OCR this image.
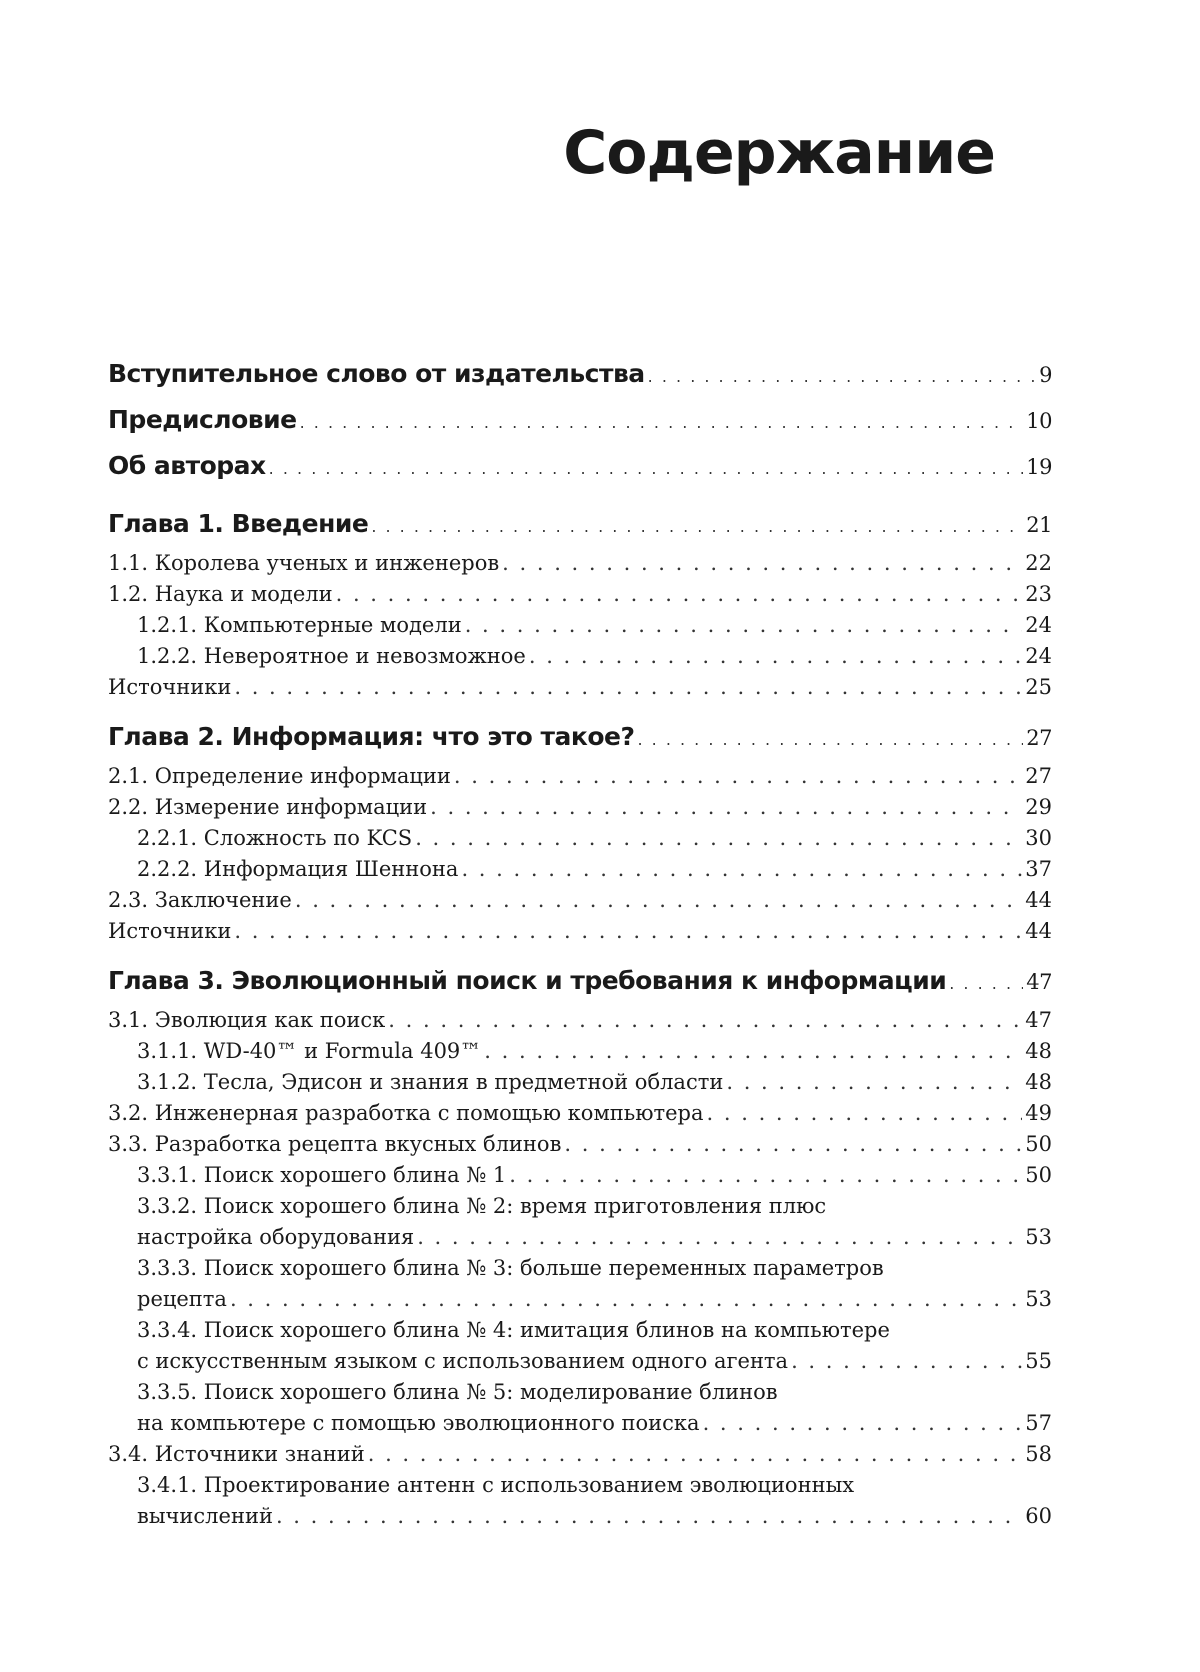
Содержание
Вступительное слово от издательства . . .	9
Предисловие . . .	10
Об авторах . . .	19
Глава 1. Введение . . .	21
1.1. Королева ученых и инженеров . . .	22
1.2. Наука и модели . . .	23
1.2.1. Компьютерные модели . . .	24
1.2.2. Невероятное и невозможное . . .	24
Источники . . .	25
Глава 2. Информация: что это такое? . . .	27
2.1. Определение информации . . .	27
2.2. Измерение информации . . .	29
2.2.1. Сложность по KCS . . .	30
2.2.2. Информация Шеннона . . .	37
2.3. Заключение . . .	44
Источники . . .	44
Глава 3. Эволюционный поиск и требования к информации . . .	47
3.1. Эволюция как поиск . . .	47
3.1.1. WD-40™ и Formula 409™ . . .	48
3.1.2. Тесла, Эдисон и знания в предметной области . . .	48
3.2. Инженерная разработка с помощью компьютера . . .	49
3.3. Разработка рецепта вкусных блинов . . .	50
3.3.1. Поиск хорошего блина № 1 . . .	50
3.3.2. Поиск хорошего блина № 2: время приготовления плюс
настройка оборудования . . .	53
3.3.3. Поиск хорошего блина № 3: больше переменных параметров
рецепта . . .	53
3.3.4. Поиск хорошего блина № 4: имитация блинов на компьютере
с искусственным языком с использованием одного агента . . .	55
3.3.5. Поиск хорошего блина № 5: моделирование блинов
на компьютере с помощью эволюционного поиска . . .	57
3.4. Источники знаний . . .	58
3.4.1. Проектирование антенн с использованием эволюционных
вычислений . . .	60
